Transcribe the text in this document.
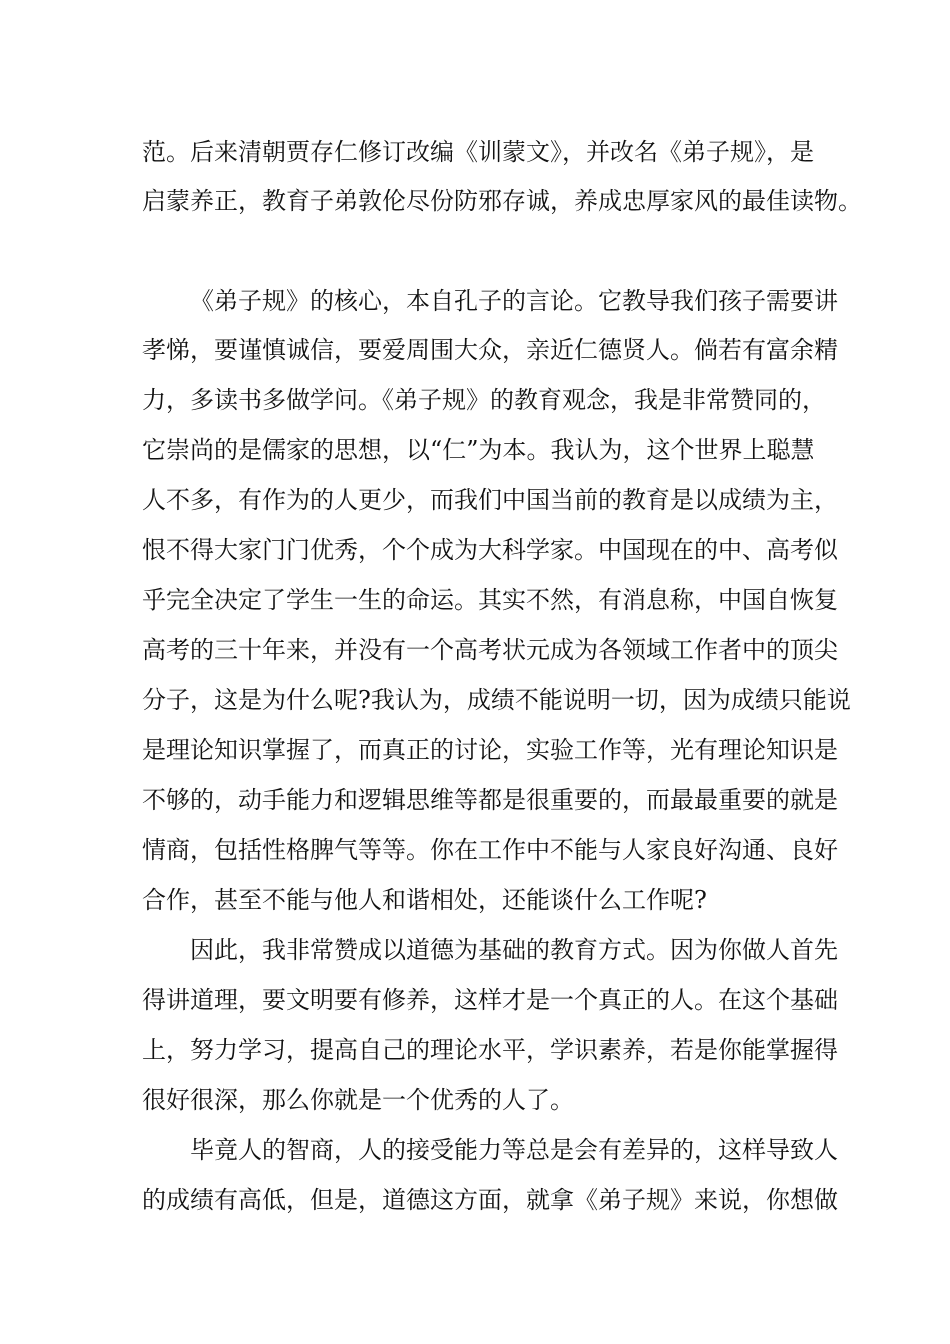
范。后来清朝贾存仁修订改编《训蒙文》，并改名《弟子规》，是
启蒙养正，教育子弟敦伦尽份防邪存诚，养成忠厚家风的最佳读物。
《弟子规》的核心，本自孔子的言论。它教导我们孩子需要讲
孝悌，要谨慎诚信，要爱周围大众，亲近仁德贤人。倘若有富余精
力，多读书多做学问。《弟子规》的教育观念，我是非常赞同的，
它崇尚的是儒家的思想，以“仁”为本。我认为，这个世界上聪慧
人不多，有作为的人更少，而我们中国当前的教育是以成绩为主，
恨不得大家门门优秀，个个成为大科学家。中国现在的中、高考似
乎完全决定了学生一生的命运。其实不然，有消息称，中国自恢复
高考的三十年来，并没有一个高考状元成为各领域工作者中的顶尖
分子，这是为什么呢?我认为，成绩不能说明一切，因为成绩只能说
是理论知识掌握了，而真正的讨论，实验工作等，光有理论知识是
不够的，动手能力和逻辑思维等都是很重要的，而最最重要的就是
情商，包括性格脾气等等。你在工作中不能与人家良好沟通、良好
合作，甚至不能与他人和谐相处，还能谈什么工作呢?
因此，我非常赞成以道德为基础的教育方式。因为你做人首先
得讲道理，要文明要有修养，这样才是一个真正的人。在这个基础
上，努力学习，提高自己的理论水平，学识素养，若是你能掌握得
很好很深，那么你就是一个优秀的人了。
毕竟人的智商，人的接受能力等总是会有差异的，这样导致人
的成绩有高低，但是，道德这方面，就拿《弟子规》来说，你想做
